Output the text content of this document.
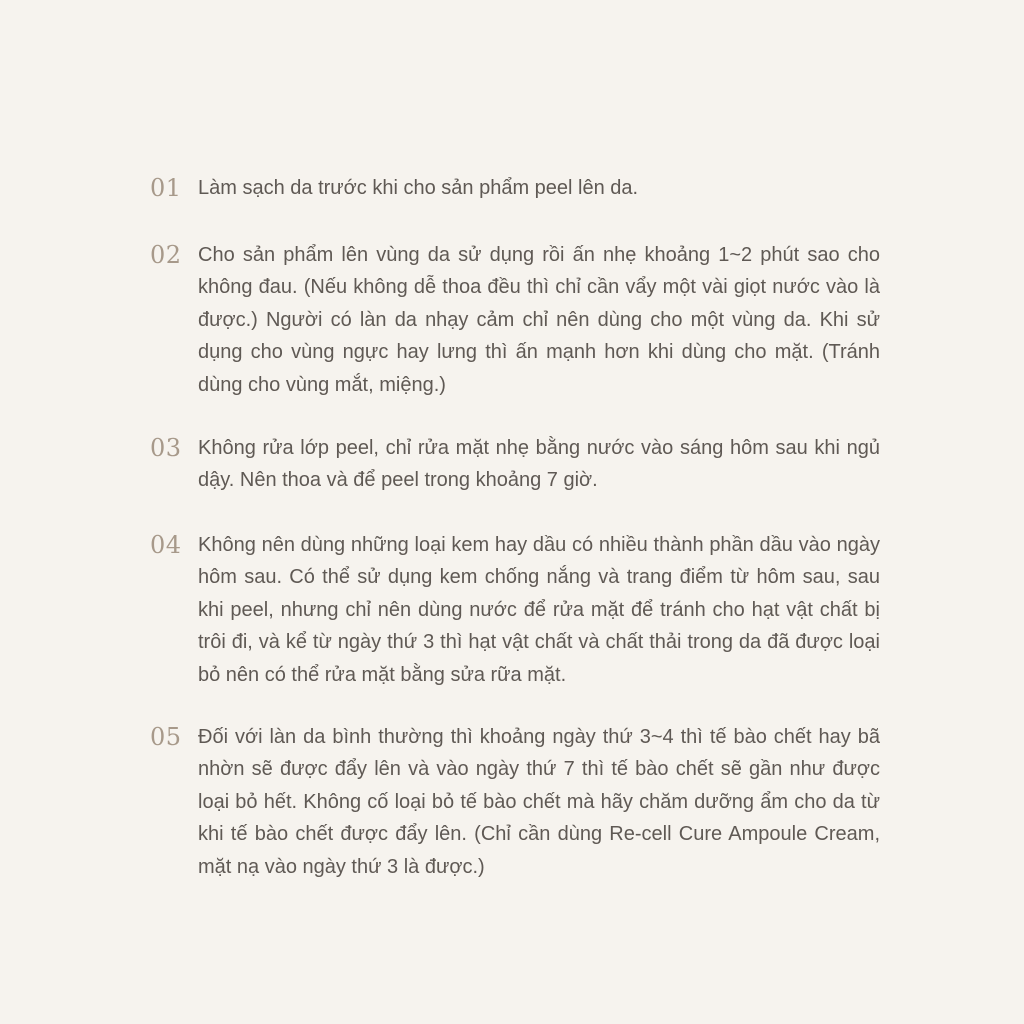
01 Làm sạch da trước khi cho sản phẩm peel lên da.

02 Cho sản phẩm lên vùng da sử dụng rồi ấn nhẹ khoảng 1~2 phút sao cho không đau. (Nếu không dễ thoa đều thì chỉ cần vẩy một vài giọt nước vào là được.) Người có làn da nhạy cảm chỉ nên dùng cho một vùng da. Khi sử dụng cho vùng ngực hay lưng thì ấn mạnh hơn khi dùng cho mặt. (Tránh dùng cho vùng mắt, miệng.)

03 Không rửa lớp peel, chỉ rửa mặt nhẹ bằng nước vào sáng hôm sau khi ngủ dậy. Nên thoa và để peel trong khoảng 7 giờ.

04 Không nên dùng những loại kem hay dầu có nhiều thành phần dầu vào ngày hôm sau. Có thể sử dụng kem chống nắng và trang điểm từ hôm sau, sau khi peel, nhưng chỉ nên dùng nước để rửa mặt để tránh cho hạt vật chất bị trôi đi, và kể từ ngày thứ 3 thì hạt vật chất và chất thải trong da đã được loại bỏ nên có thể rửa mặt bằng sửa rữa mặt.

05 Đối với làn da bình thường thì khoảng ngày thứ 3~4 thì tế bào chết hay bã nhờn sẽ được đẩy lên và vào ngày thứ 7 thì tế bào chết sẽ gần như được loại bỏ hết. Không cố loại bỏ tế bào chết mà hãy chăm dưỡng ẩm cho da từ khi tế bào chết được đẩy lên. (Chỉ cần dùng Re-cell Cure Ampoule Cream, mặt nạ vào ngày thứ 3 là được.)
